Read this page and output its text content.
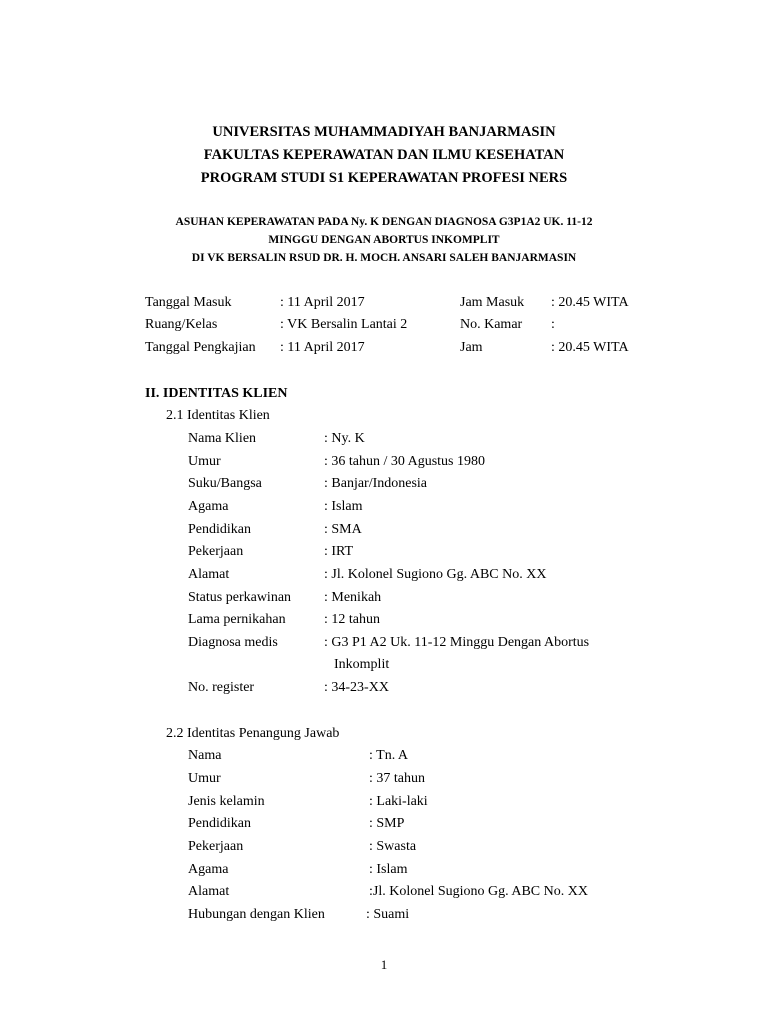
UNIVERSITAS MUHAMMADIYAH BANJARMASIN
FAKULTAS KEPERAWATAN DAN ILMU KESEHATAN
PROGRAM STUDI S1 KEPERAWATAN PROFESI NERS
ASUHAN KEPERAWATAN PADA Ny. K DENGAN DIAGNOSA G3P1A2 UK. 11-12
MINGGU DENGAN ABORTUS INKOMPLIT
DI VK BERSALIN RSUD DR. H. MOCH. ANSARI SALEH BANJARMASIN
Tanggal Masuk	: 11 April 2017	Jam Masuk : 20.45 WITA
Ruang/Kelas	: VK Bersalin Lantai 2	No. Kamar :
Tanggal Pengkajian : 11 April 2017	Jam	: 20.45 WITA
II. IDENTITAS KLIEN
2.1 Identitas Klien
Nama Klien	: Ny. K
Umur	: 36 tahun / 30 Agustus 1980
Suku/Bangsa	: Banjar/Indonesia
Agama	: Islam
Pendidikan	: SMA
Pekerjaan	: IRT
Alamat	: Jl. Kolonel Sugiono Gg. ABC No. XX
Status perkawinan : Menikah
Lama pernikahan	: 12 tahun
Diagnosa medis	: G3 P1 A2 Uk. 11-12 Minggu Dengan Abortus
Inkomplit
No. register	: 34-23-XX
2.2 Identitas Penangung Jawab
Nama	: Tn. A
Umur	: 37 tahun
Jenis kelamin	: Laki-laki
Pendidikan	: SMP
Pekerjaan	: Swasta
Agama	: Islam
Alamat	:Jl. Kolonel Sugiono Gg. ABC No. XX
Hubungan dengan Klien	: Suami
1
